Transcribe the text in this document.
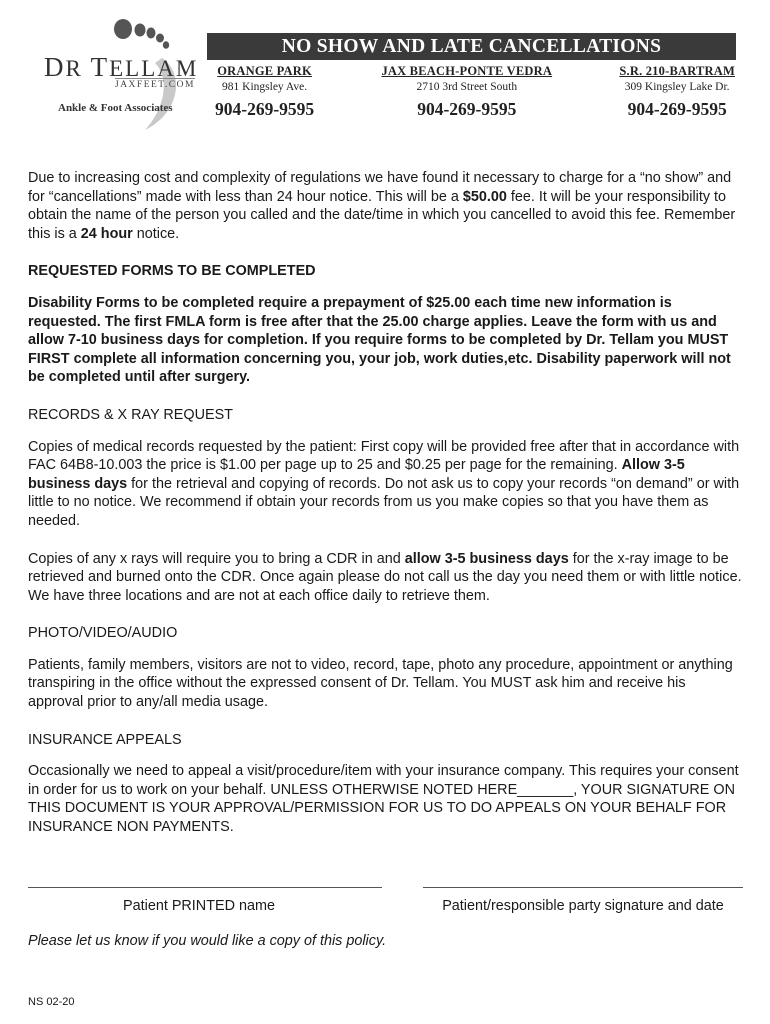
DR TELLAM
JAXFEET.COM
Ankle & Foot Associates
NO SHOW AND LATE CANCELLATIONS
ORANGE PARK
981 Kingsley Ave.
904-269-9595
JAX BEACH-PONTE VEDRA
2710 3rd Street South
904-269-9595
S.R. 210-BARTRAM
309 Kingsley Lake Dr.
904-269-9595

Due to increasing cost and complexity of regulations we have found it necessary to charge for a “no show” and for “cancellations” made with less than 24 hour notice. This will be a $50.00 fee. It will be your responsibility to obtain the name of the person you called and the date/time in which you cancelled to avoid this fee. Remember this is a 24 hour notice.

REQUESTED FORMS TO BE COMPLETED

Disability Forms to be completed require a prepayment of $25.00 each time new information is requested. The first FMLA form is free after that the 25.00 charge applies. Leave the form with us and allow 7-10 business days for completion. If you require forms to be completed by Dr. Tellam you MUST FIRST complete all information concerning you, your job, work duties,etc. Disability paperwork will not be completed until after surgery.

RECORDS & X RAY REQUEST

Copies of medical records requested by the patient: First copy will be provided free after that in accordance with FAC 64B8-10.003 the price is $1.00 per page up to 25 and $0.25 per page for the remaining. Allow 3-5 business days for the retrieval and copying of records. Do not ask us to copy your records “on demand” or with little to no notice. We recommend if obtain your records from us you make copies so that you have them as needed.

Copies of any x rays will require you to bring a CDR in and allow 3-5 business days for the x-ray image to be retrieved and burned onto the CDR. Once again please do not call us the day you need them or with little notice. We have three locations and are not at each office daily to retrieve them.

PHOTO/VIDEO/AUDIO

Patients, family members, visitors are not to video, record, tape, photo any procedure, appointment or anything transpiring in the office without the expressed consent of Dr. Tellam. You MUST ask him and receive his approval prior to any/all media usage.

INSURANCE APPEALS

Occasionally we need to appeal a visit/procedure/item with your insurance company. This requires your consent in order for us to work on your behalf. UNLESS OTHERWISE NOTED HERE_______, YOUR SIGNATURE ON THIS DOCUMENT IS YOUR APPROVAL/PERMISSION FOR US TO DO APPEALS ON YOUR BEHALF FOR INSURANCE NON PAYMENTS.

Patient PRINTED name	Patient/responsible party signature and date
Please let us know if you would like a copy of this policy.
NS 02-20
